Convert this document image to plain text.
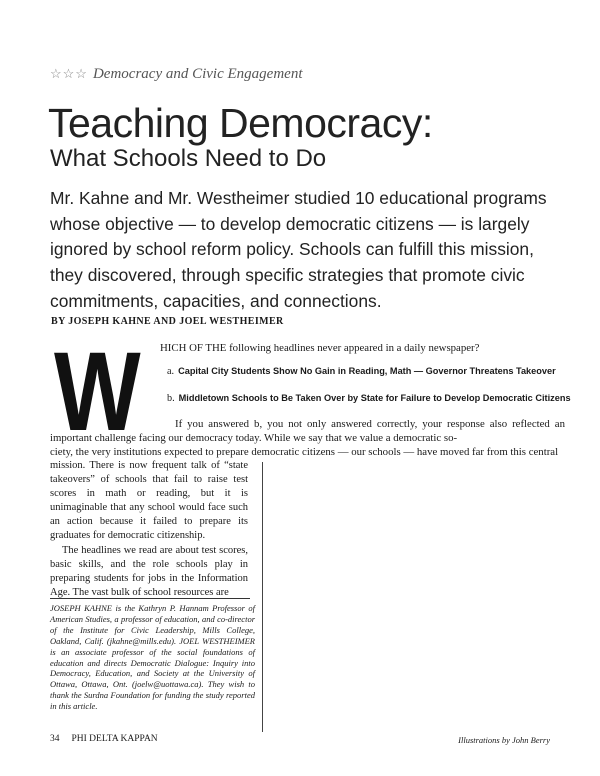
☆☆☆ Democracy and Civic Engagement
Teaching Democracy:
What Schools Need to Do
Mr. Kahne and Mr. Westheimer studied 10 educational programs whose objective — to develop democratic citizens — is largely ignored by school reform policy. Schools can fulfill this mission, they discovered, through specific strategies that promote civic commitments, capacities, and connections.
BY JOSEPH KAHNE AND JOEL WESTHEIMER
W HICH OF THE following headlines never appeared in a daily newspaper?
a. Capital City Students Show No Gain in Reading, Math — Governor Threatens Takeover
b. Middletown Schools to Be Taken Over by State for Failure to Develop Democratic Citizens
If you answered b, you not only answered correctly, your response also reflected an important challenge facing our democracy today. While we say that we value a democratic so-
ciety, the very institutions expected to prepare democratic citizens — our schools — have moved far from this central

mission. There is now frequent talk of “state takeovers” of schools that fail to raise test scores in math or reading, but it is unimaginable that any school would face such an action because it failed to prepare its graduates for democratic citizenship.

The headlines we read are about test scores, basic skills, and the role schools play in preparing students for jobs in the Information Age. The vast bulk of school resources are

JOSEPH KAHNE is the Kathryn P. Hannam Professor of American Studies, a professor of education, and co-director of the Institute for Civic Leadership, Mills College, Oakland, Calif. (jkahne@mills.edu). JOEL WESTHEIMER is an associate professor of the social foundations of education and directs Democratic Dialogue: Inquiry into Democracy, Education, and Society at the University of Ottawa, Ottawa, Ont. (joelw@uottawa.ca). They wish to thank the Surdna Foundation for funding the study reported in this article.
34 PHI DELTA KAPPAN	Illustrations by John Berry
